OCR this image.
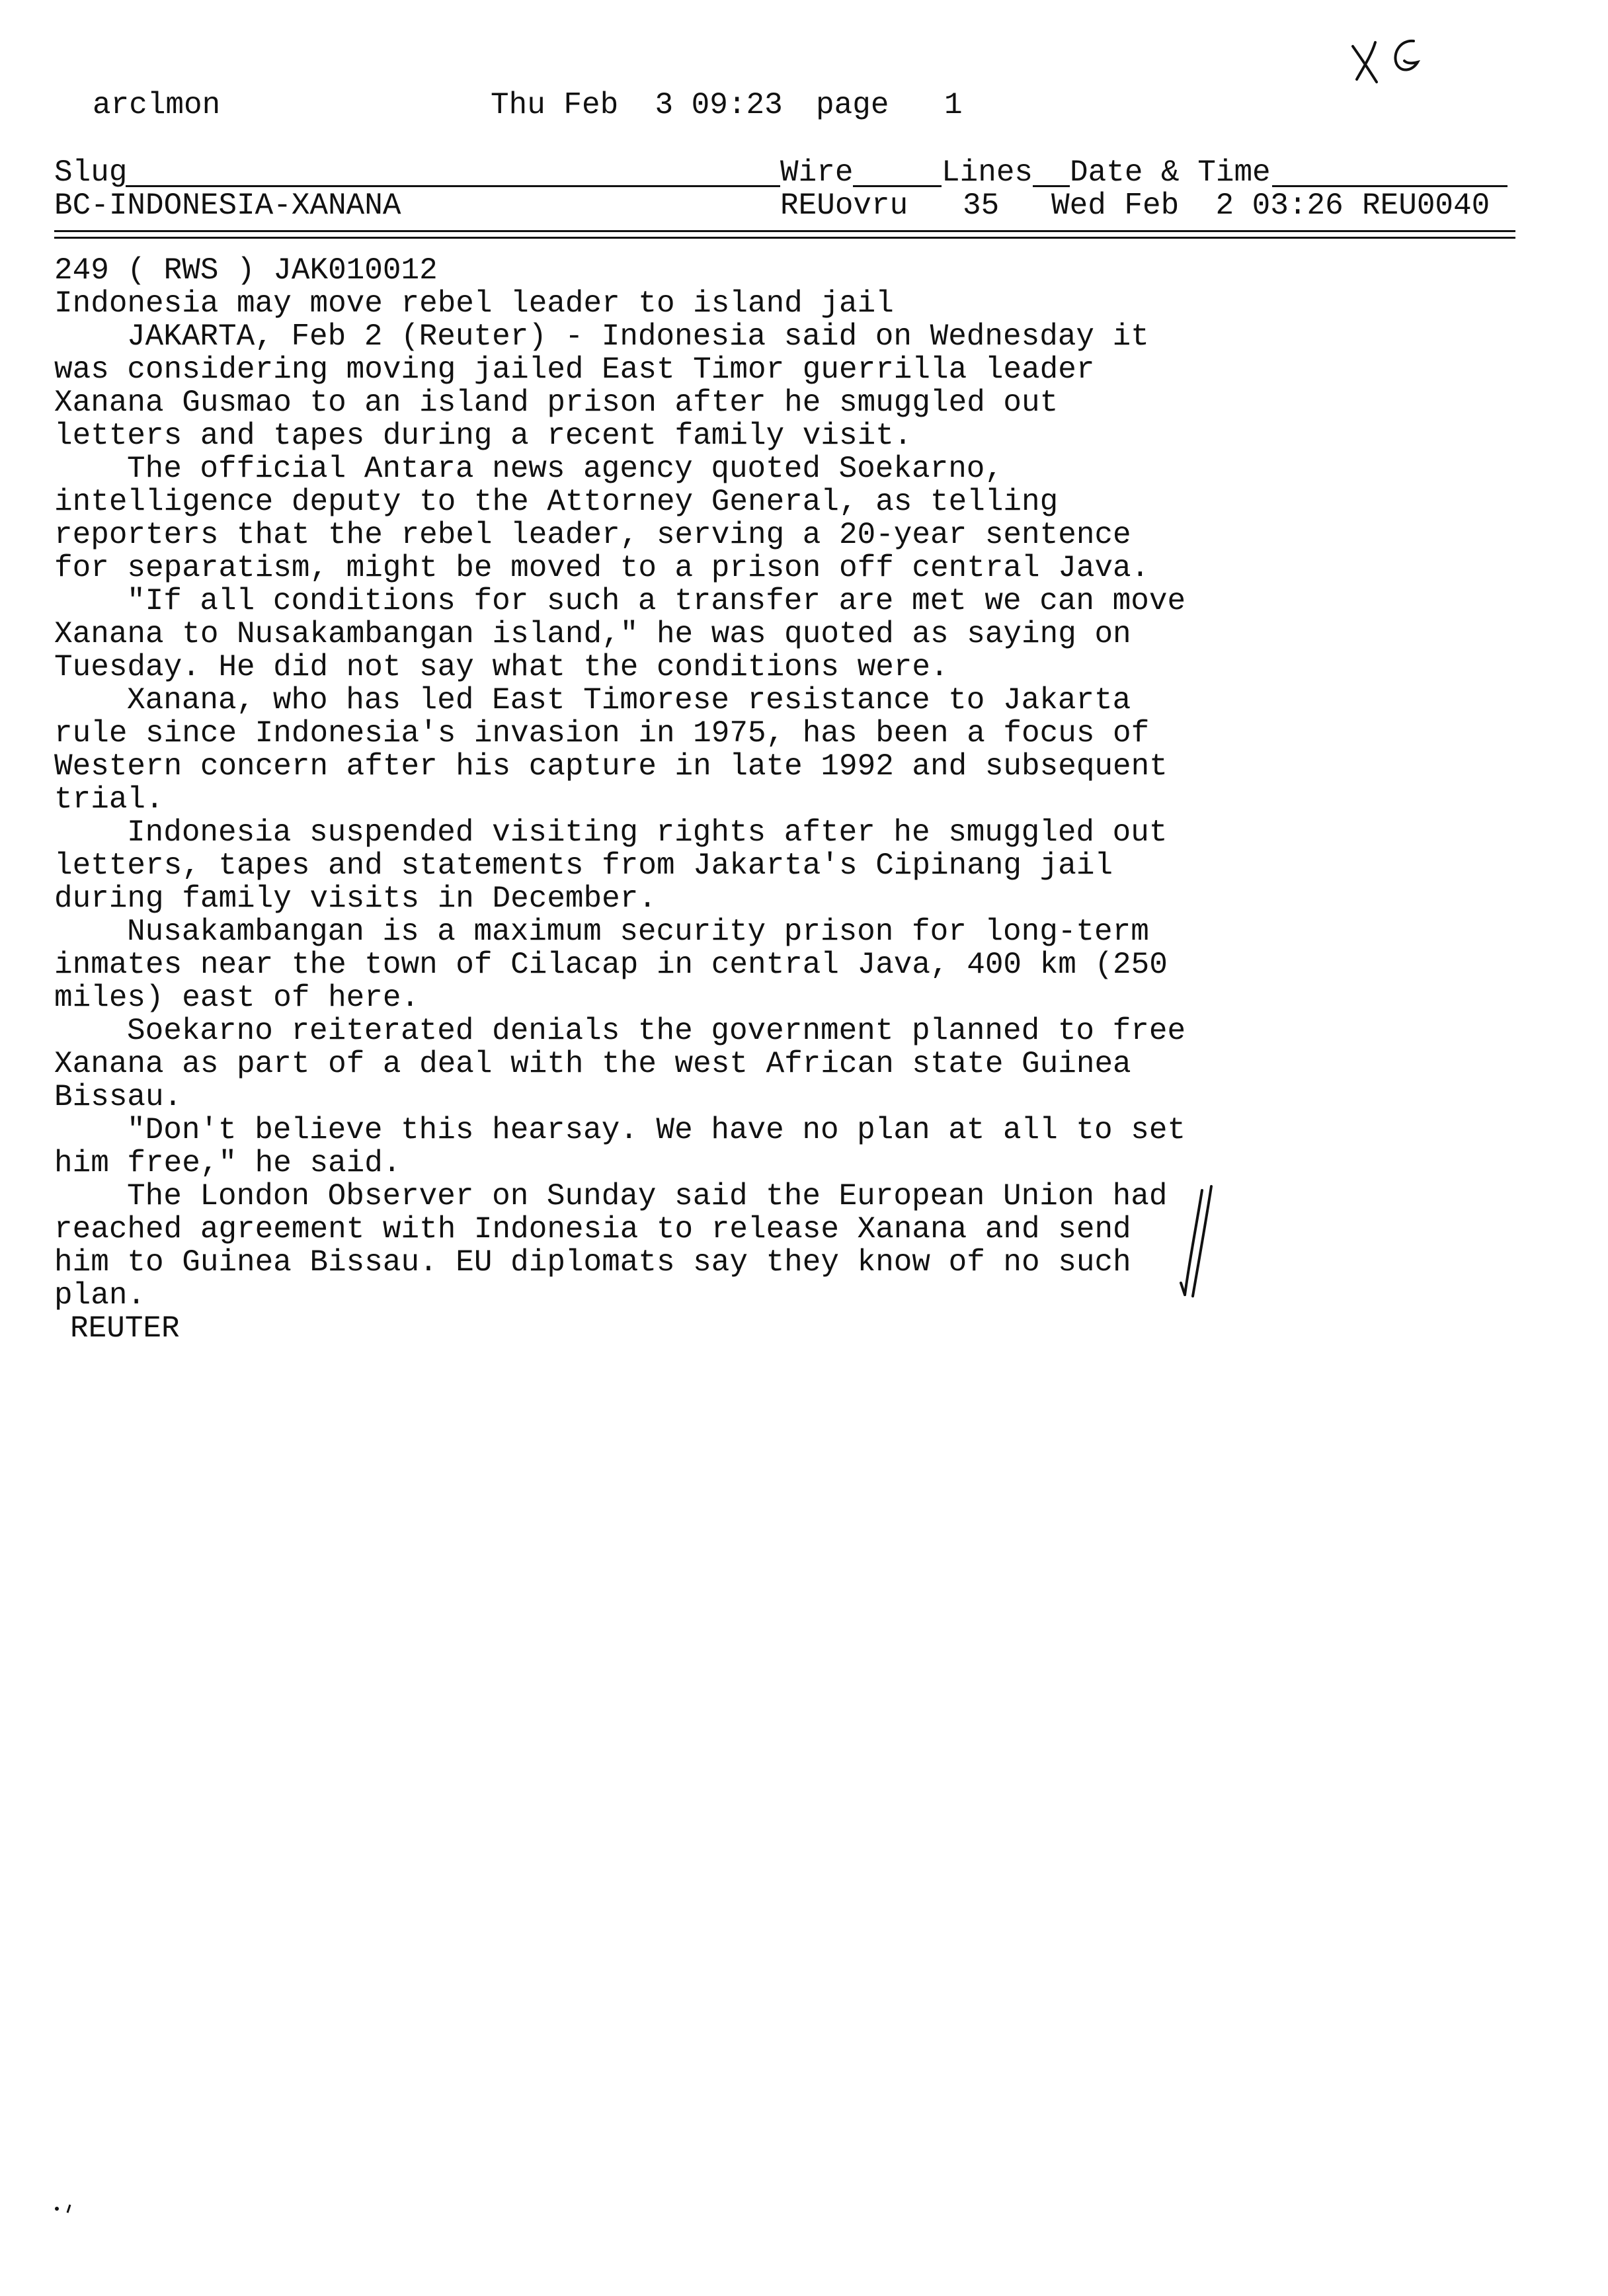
arclmon	Thu Feb  3 09:23 page 1
Slug	Wire	Lines Date & Time
BC-INDONESIA-XANANA	REUovru 35 Wed Feb  2 03:26 REU0040

249 ( RWS ) JAK010012

Indonesia may move rebel leader to island jail

JAKARTA, Feb 2 (Reuter) - Indonesia said on Wednesday it

was considering moving jailed East Timor guerrilla leader

Xanana Gusmao to an island prison after he smuggled out

letters and tapes during a recent family visit.

The official Antara news agency quoted Soekarno,

intelligence deputy to the Attorney General, as telling

reporters that the rebel leader, serving a 20-year sentence

for separatism, might be moved to a prison off central Java.

"If all conditions for such a transfer are met we can move

Xanana to Nusakambangan island," he was quoted as saying on

Tuesday. He did not say what the conditions were.

Xanana, who has led East Timorese resistance to Jakarta

rule since Indonesia's invasion in 1975, has been a focus of

Western concern after his capture in late 1992 and subsequent

trial.

Indonesia suspended visiting rights after he smuggled out

letters, tapes and statements from Jakarta's Cipinang jail

during family visits in December.

Nusakambangan is a maximum security prison for long-term

inmates near the town of Cilacap in central Java, 400 km (250

miles) east of here.

Soekarno reiterated denials the government planned to free

Xanana as part of a deal with the west African state Guinea

Bissau.

"Don't believe this hearsay. We have no plan at all to set

him free," he said.

The London Observer on Sunday said the European Union had

reached agreement with Indonesia to release Xanana and send

him to Guinea Bissau. EU diplomats say they know of no such

plan.

REUTER
